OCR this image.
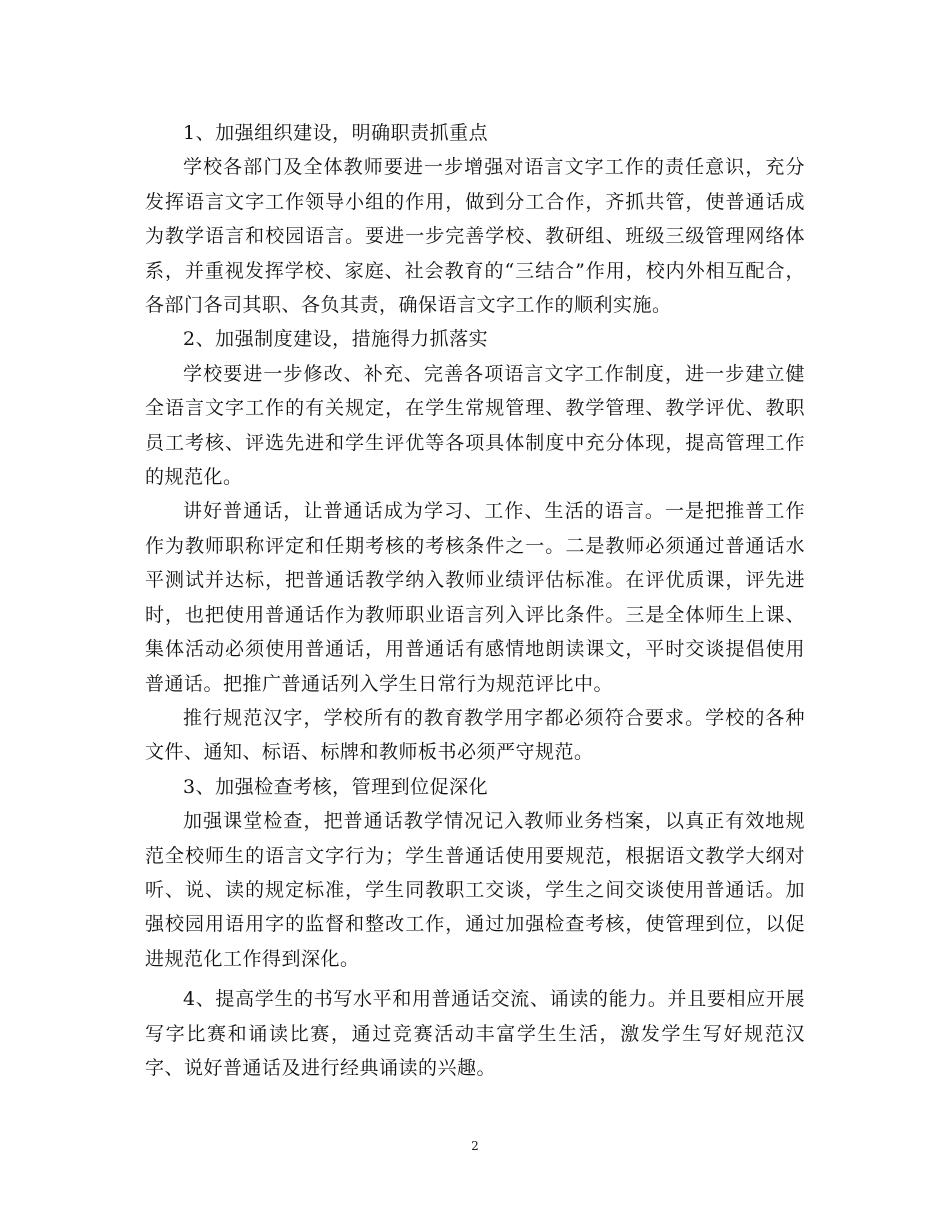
1、加强组织建设，明确职责抓重点

学校各部门及全体教师要进一步增强对语言文字工作的责任意识，充分发挥语言文字工作领导小组的作用，做到分工合作，齐抓共管，使普通话成为教学语言和校园语言。要进一步完善学校、教研组、班级三级管理网络体系，并重视发挥学校、家庭、社会教育的“三结合”作用，校内外相互配合，各部门各司其职、各负其责，确保语言文字工作的顺利实施。

2、加强制度建设，措施得力抓落实

学校要进一步修改、补充、完善各项语言文字工作制度，进一步建立健全语言文字工作的有关规定，在学生常规管理、教学管理、教学评优、教职员工考核、评选先进和学生评优等各项具体制度中充分体现，提高管理工作的规范化。

讲好普通话，让普通话成为学习、工作、生活的语言。一是把推普工作作为教师职称评定和任期考核的考核条件之一。二是教师必须通过普通话水平测试并达标，把普通话教学纳入教师业绩评估标准。在评优质课，评先进时，也把使用普通话作为教师职业语言列入评比条件。三是全体师生上课、集体活动必须使用普通话，用普通话有感情地朗读课文，平时交谈提倡使用普通话。把推广普通话列入学生日常行为规范评比中。

推行规范汉字，学校所有的教育教学用字都必须符合要求。学校的各种文件、通知、标语、标牌和教师板书必须严守规范。

3、加强检查考核，管理到位促深化

加强课堂检查，把普通话教学情况记入教师业务档案，以真正有效地规范全校师生的语言文字行为；学生普通话使用要规范，根据语文教学大纲对听、说、读的规定标准，学生同教职工交谈，学生之间交谈使用普通话。加强校园用语用字的监督和整改工作，通过加强检查考核，使管理到位，以促进规范化工作得到深化。

4、提高学生的书写水平和用普通话交流、诵读的能力。并且要相应开展写字比赛和诵读比赛，通过竞赛活动丰富学生生活，激发学生写好规范汉字、说好普通话及进行经典诵读的兴趣。

2
